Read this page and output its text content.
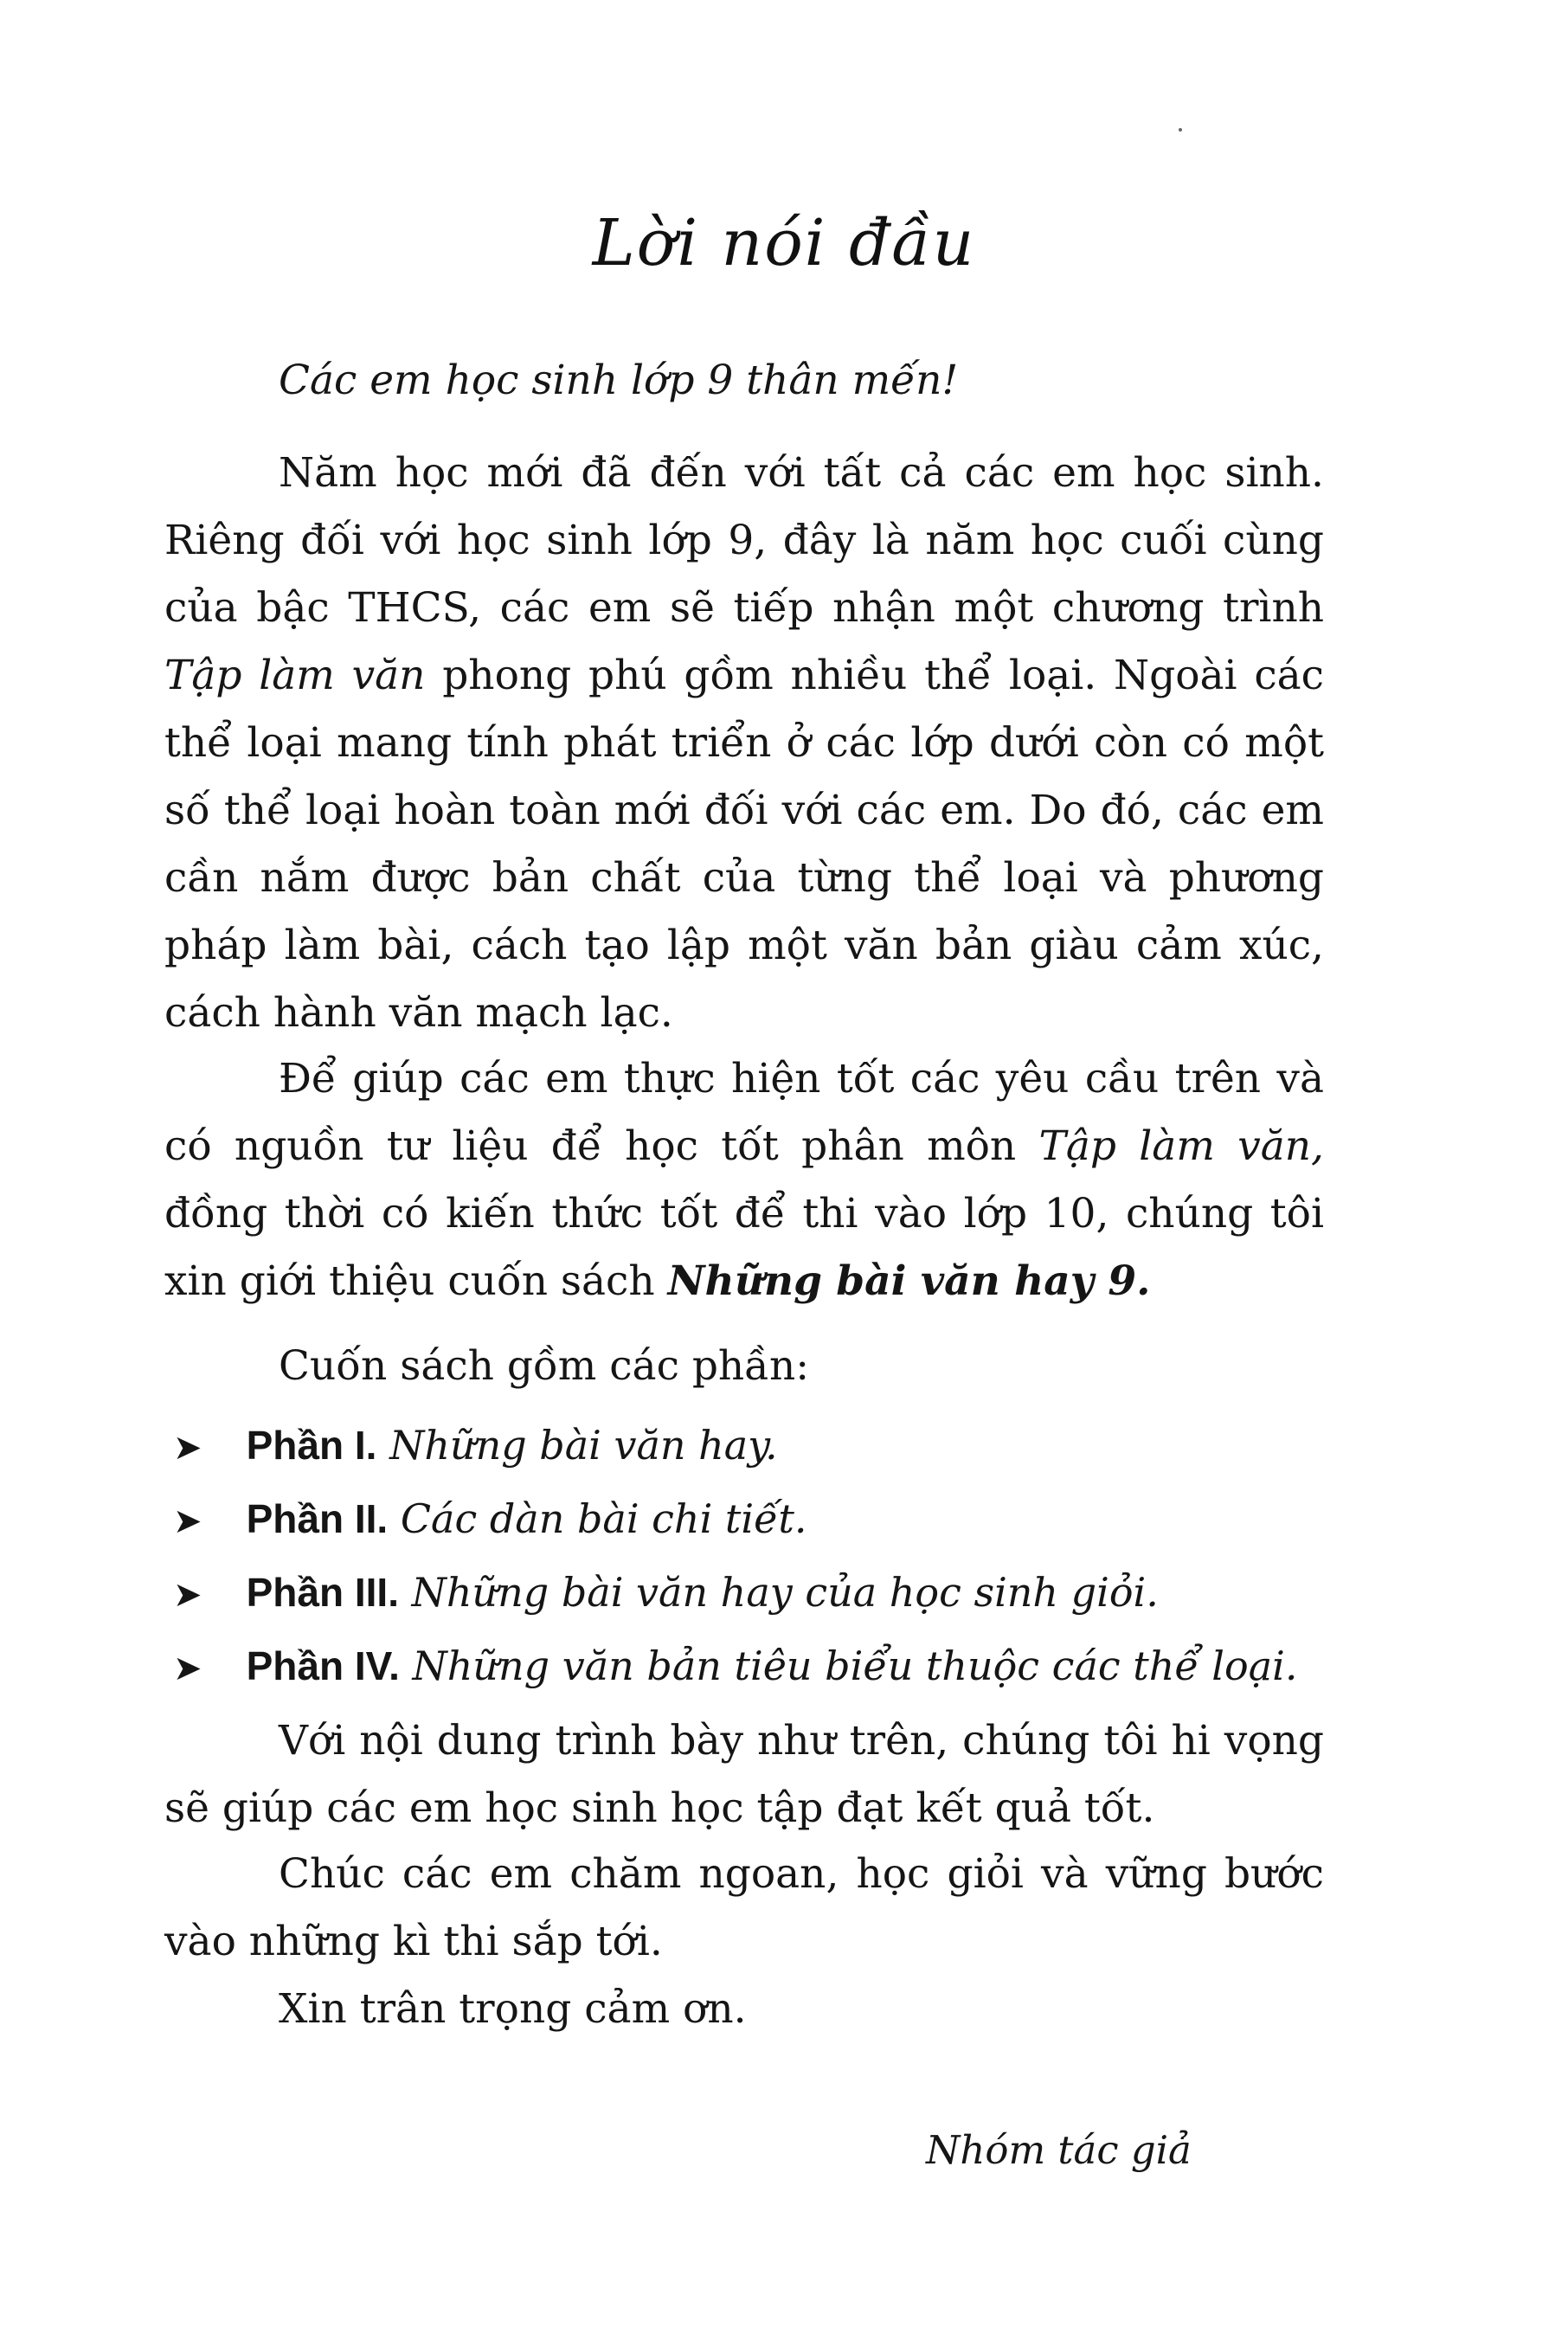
Lời nói đầu
Các em học sinh lớp 9 thân mến!

Năm học mới đã đến với tất cả các em học sinh. Riêng đối với học sinh lớp 9, đây là năm học cuối cùng của bậc THCS, các em sẽ tiếp nhận một chương trình Tập làm văn phong phú gồm nhiều thể loại. Ngoài các thể loại mang tính phát triển ở các lớp dưới còn có một số thể loại hoàn toàn mới đối với các em. Do đó, các em cần nắm được bản chất của từng thể loại và phương pháp làm bài, cách tạo lập một văn bản giàu cảm xúc, cách hành văn mạch lạc.

Để giúp các em thực hiện tốt các yêu cầu trên và có nguồn tư liệu để học tốt phân môn Tập làm văn, đồng thời có kiến thức tốt để thi vào lớp 10, chúng tôi xin giới thiệu cuốn sách Những bài văn hay 9.

Cuốn sách gồm các phần:

➤ Phần I. Những bài văn hay.
➤ Phần II. Các dàn bài chi tiết.
➤ Phần III. Những bài văn hay của học sinh giỏi.
➤ Phần IV. Những văn bản tiêu biểu thuộc các thể loại.

Với nội dung trình bày như trên, chúng tôi hi vọng sẽ giúp các em học sinh học tập đạt kết quả tốt.

Chúc các em chăm ngoan, học giỏi và vững bước vào những kì thi sắp tới.

Xin trân trọng cảm ơn.

Nhóm tác giả
